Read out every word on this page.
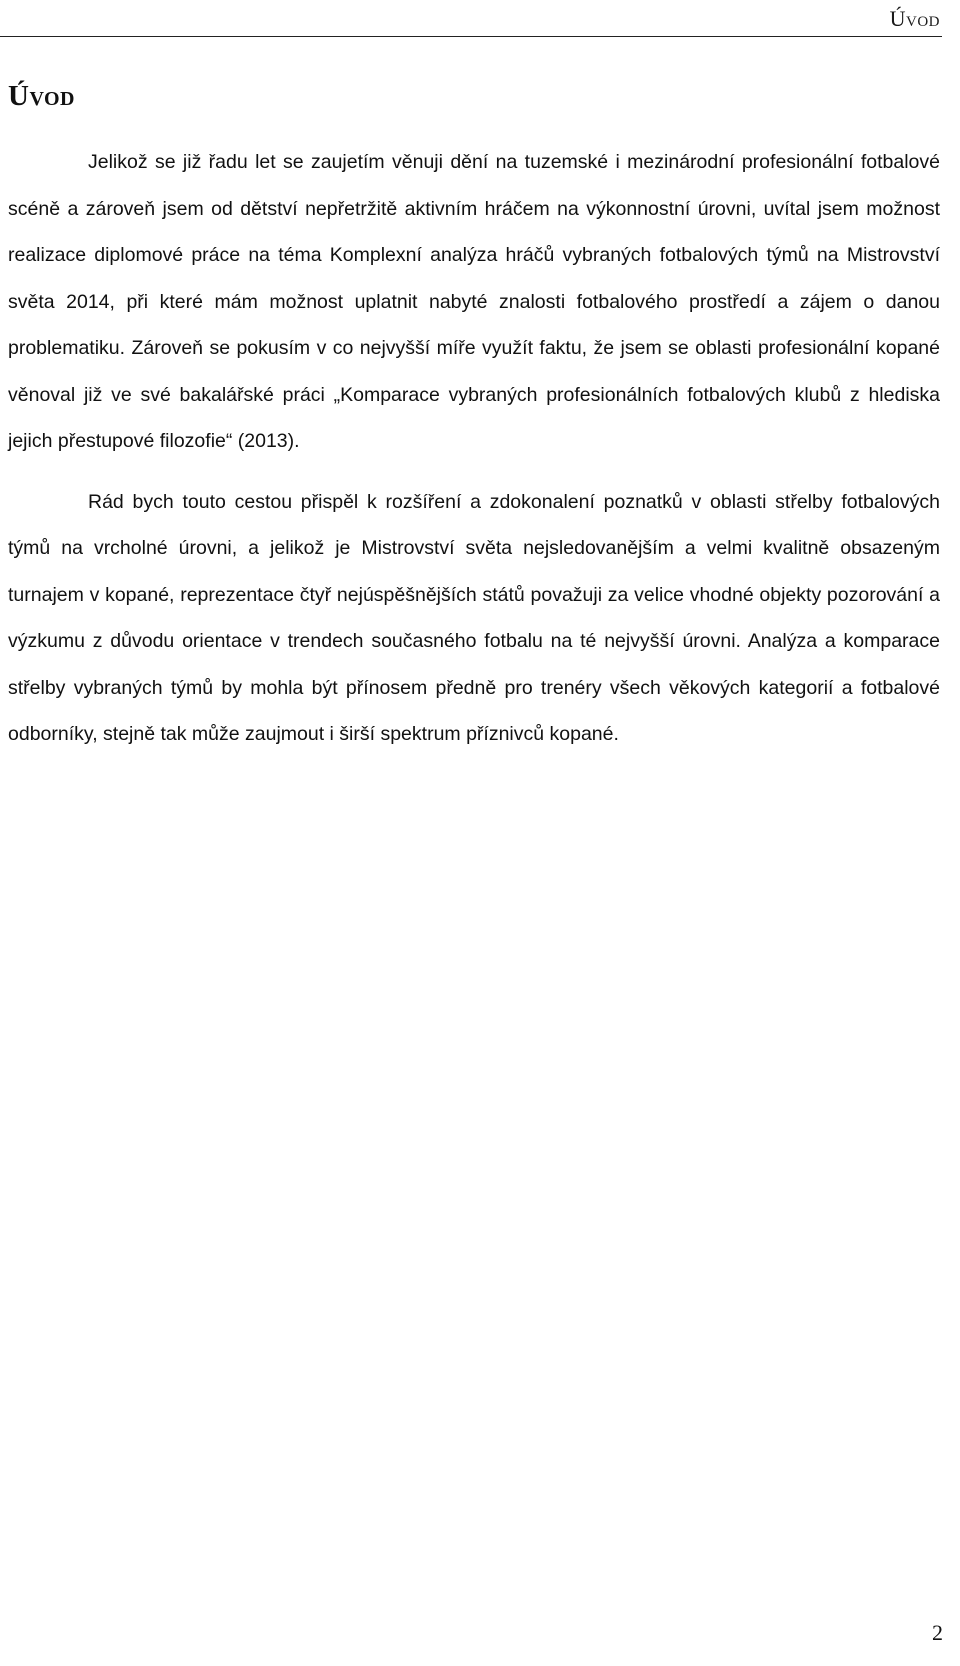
Úvod
Úvod

Jelikož se již řadu let se zaujetím věnuji dění na tuzemské i mezinárodní profesionální fotbalové scéně a zároveň jsem od dětství nepřetržitě aktivním hráčem na výkonnostní úrovni, uvítal jsem možnost realizace diplomové práce na téma Komplexní analýza hráčů vybraných fotbalových týmů na Mistrovství světa 2014, při které mám možnost uplatnit nabyté znalosti fotbalového prostředí a zájem o danou problematiku. Zároveň se pokusím v co nejvyšší míře využít faktu, že jsem se oblasti profesionální kopané věnoval již ve své bakalářské práci „Komparace vybraných profesionálních fotbalových klubů z hlediska jejich přestupové filozofie“ (2013).

Rád bych touto cestou přispěl k rozšíření a zdokonalení poznatků v oblasti střelby fotbalových týmů na vrcholné úrovni, a jelikož je Mistrovství světa nejsledovanějším a velmi kvalitně obsazeným turnajem v kopané, reprezentace čtyř nejúspěšnějších států považuji za velice vhodné objekty pozorování a výzkumu z důvodu orientace v trendech současného fotbalu na té nejvyšší úrovni. Analýza a komparace střelby vybraných týmů by mohla být přínosem předně pro trenéry všech věkových kategorií a fotbalové odborníky, stejně tak může zaujmout i širší spektrum příznivců kopané.

2
